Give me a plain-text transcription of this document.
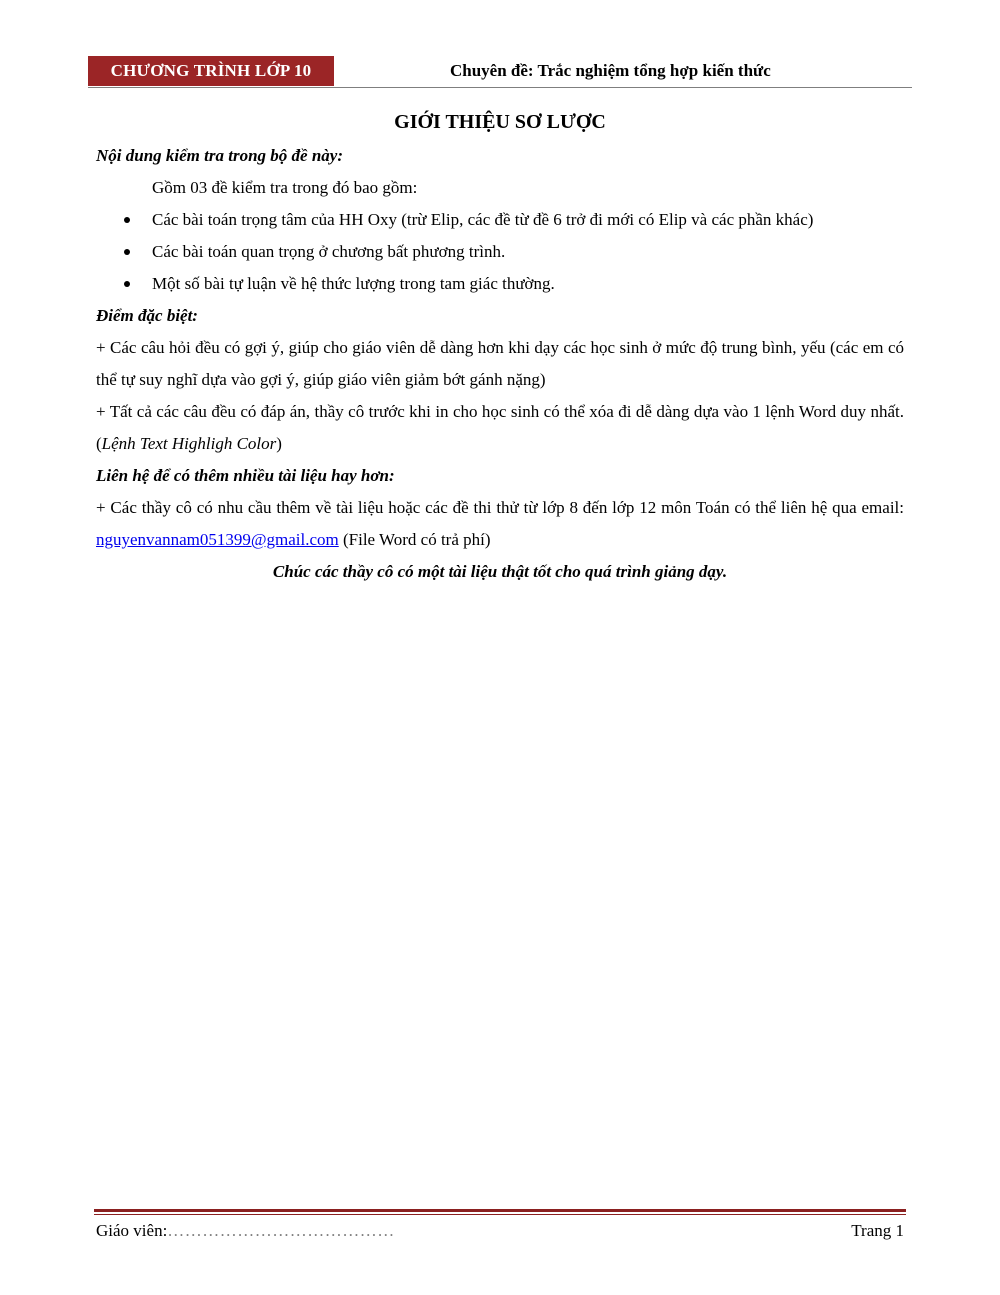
CHƯƠNG TRÌNH LỚP 10	Chuyên đề: Trắc nghiệm tổng hợp kiến thức
GIỚI THIỆU SƠ LƯỢC

Nội dung kiểm tra trong bộ đề này:

Gồm 03 đề kiểm tra trong đó bao gồm:

Các bài toán trọng tâm của HH Oxy (trừ Elip, các đề từ đề 6 trở đi mới có Elip và các phần khác)
Các bài toán quan trọng ở chương bất phương trình.
Một số bài tự luận về hệ thức lượng trong tam giác thường.

Điểm đặc biệt:

+ Các câu hỏi đều có gợi ý, giúp cho giáo viên dễ dàng hơn khi dạy các học sinh ở mức độ trung bình, yếu (các em có thể tự suy nghĩ dựa vào gợi ý, giúp giáo viên giảm bớt gánh nặng)

+ Tất cả các câu đều có đáp án, thầy cô trước khi in cho học sinh có thể xóa đi dễ dàng dựa vào 1 lệnh Word duy nhất. (Lệnh Text Highligh Color)

Liên hệ để có thêm nhiều tài liệu hay hơn:

+ Các thầy cô có nhu cầu thêm về tài liệu hoặc các đề thi thử từ lớp 8 đến lớp 12 môn Toán có thể liên hệ qua email: nguyenvannam051399@gmail.com (File Word có trả phí)

Chúc các thầy cô có một tài liệu thật tốt cho quá trình giảng dạy.

Giáo viên:…………………………………	Trang 1
